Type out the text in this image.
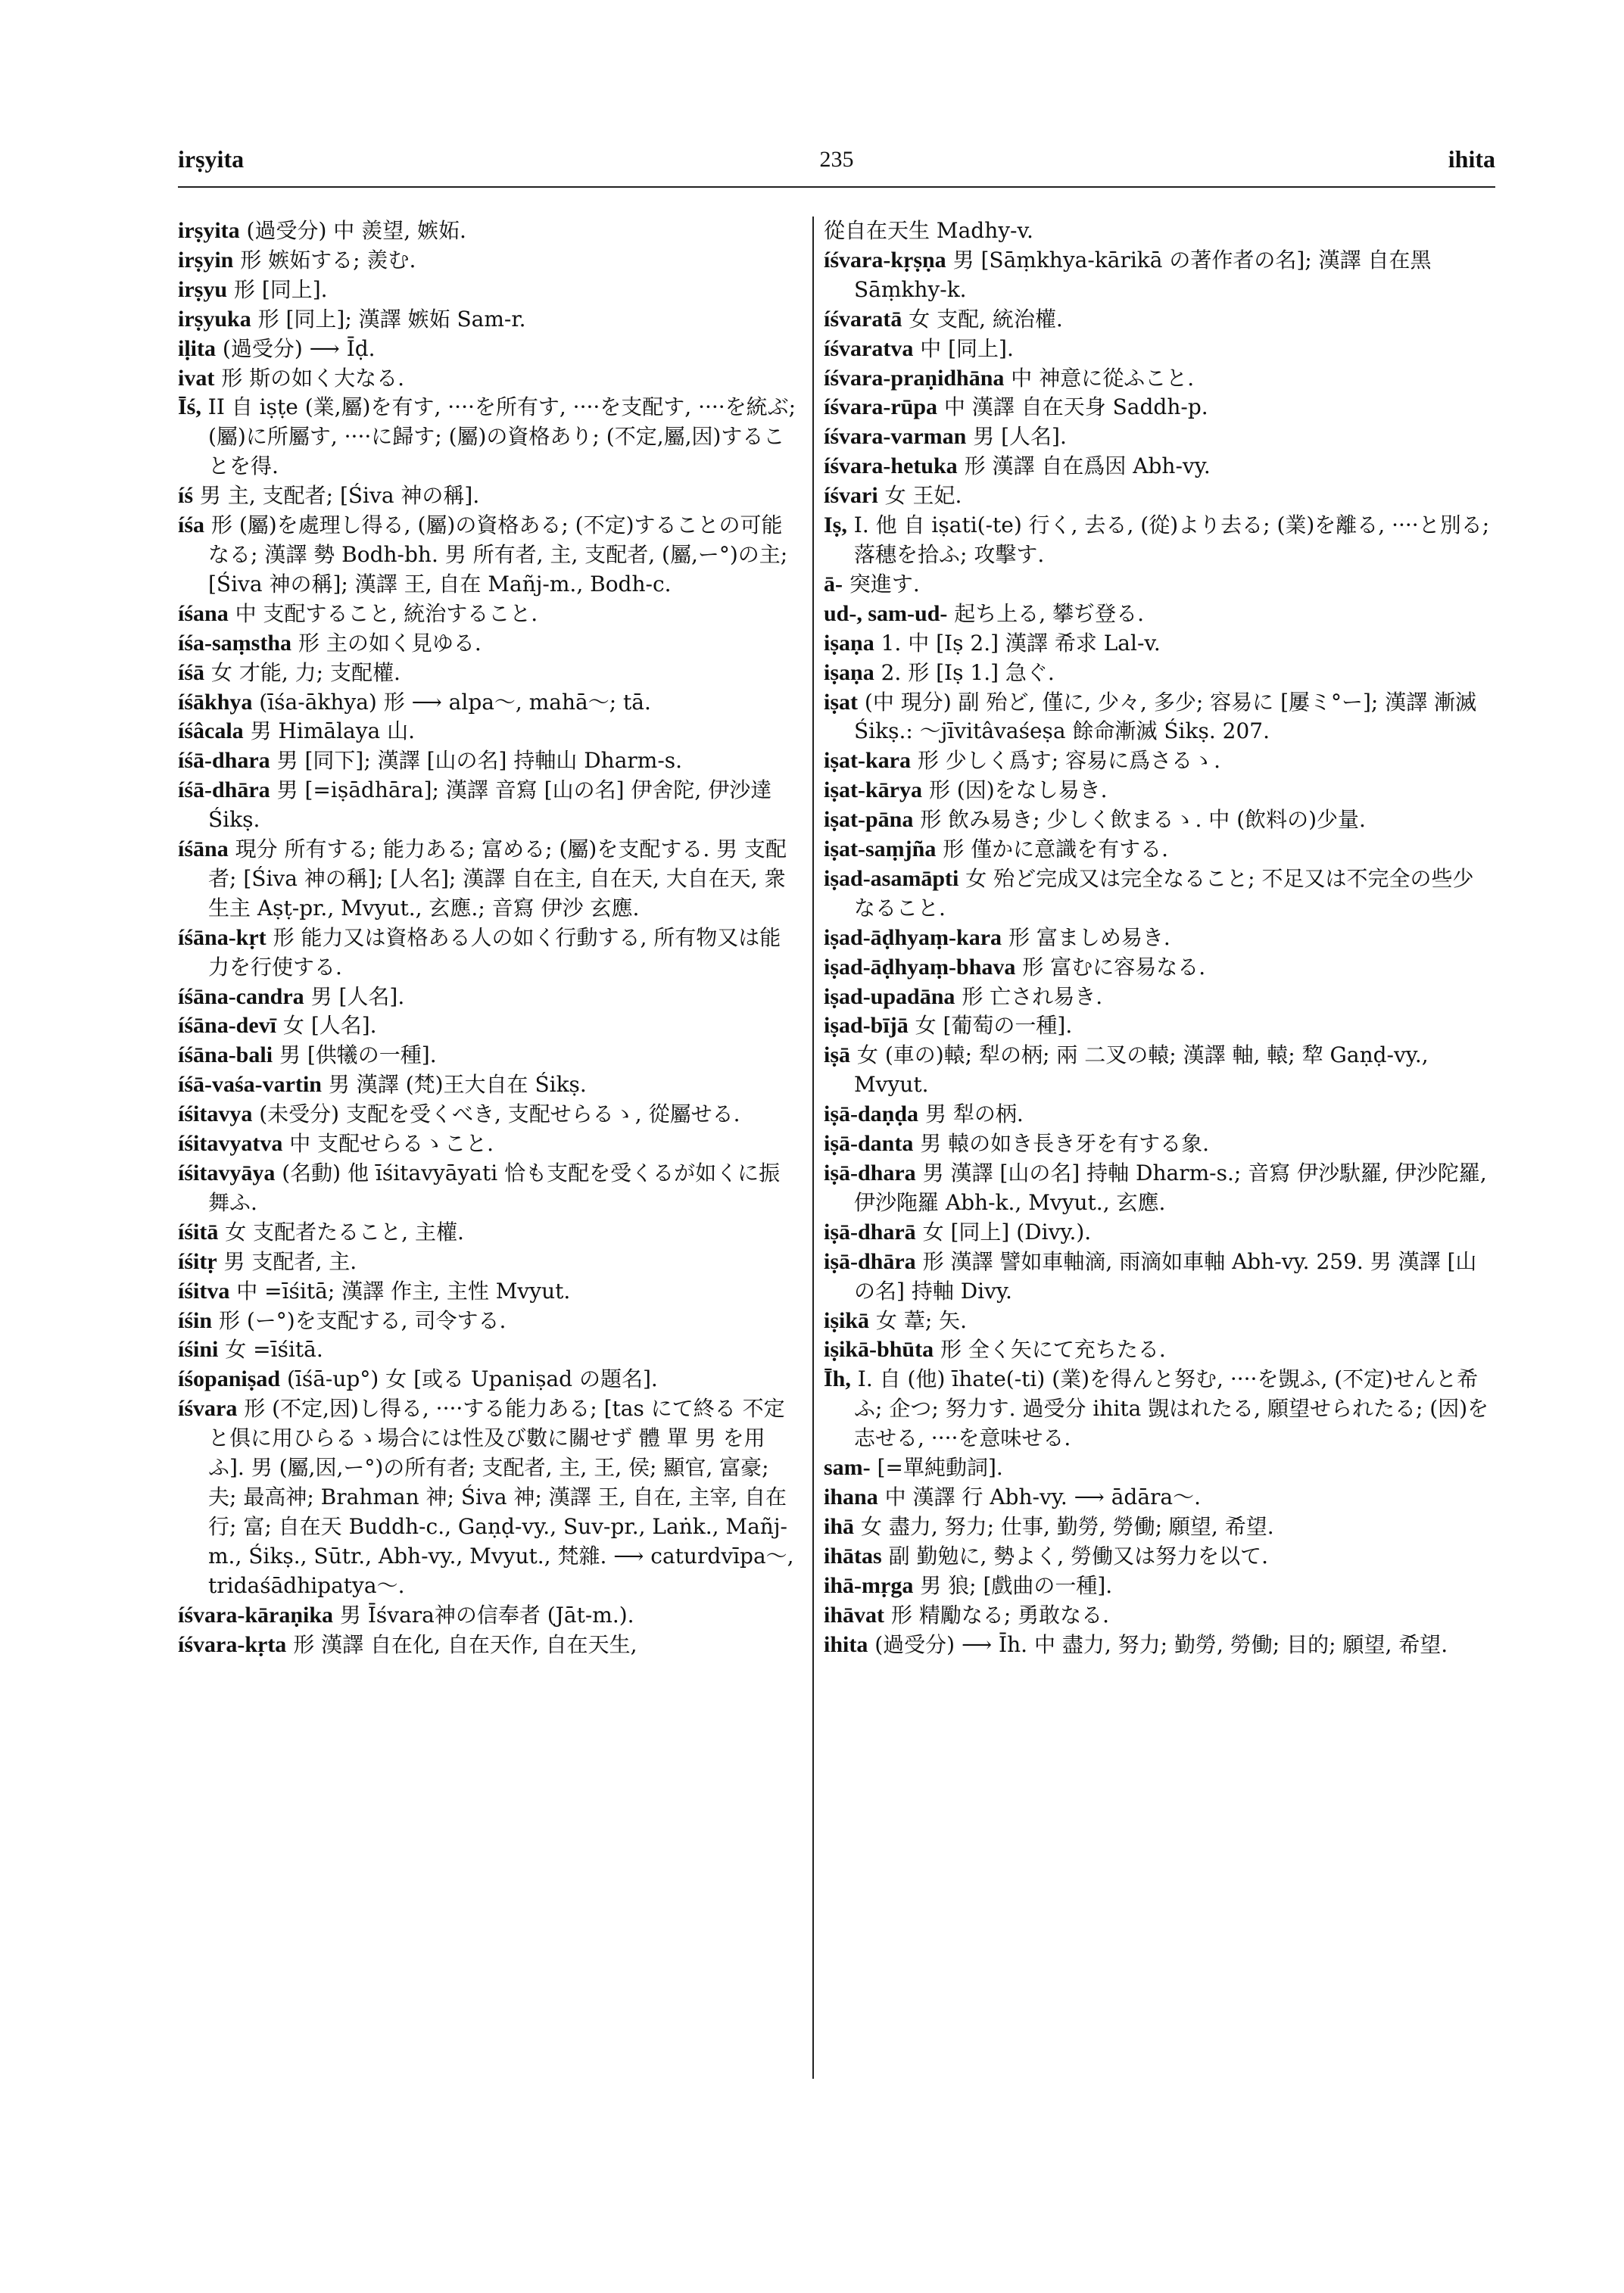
irṣyita	235	ihita

irṣyita (過受分) 中 羨望, 嫉妬.

irṣyin 形 嫉妬する; 羨む.

irṣyu 形 [同上].

irṣyuka 形 [同上]; 漢譯 嫉妬 Sam-r.

iḷita (過受分) ⟶ Īḍ.

ivat 形 斯の如く大なる.

Īś, II 自 iṣṭe (業,屬)を有す, ····を所有す, ····を支配す, ····を統ぶ; (屬)に所屬す, ····に歸す; (屬)の資格あり; (不定,屬,因)することを得.

íś 男 主, 支配者; [Śiva 神の稱].

íśa 形 (屬)を處理し得る, (屬)の資格ある; (不定)することの可能なる; 漢譯 勢 Bodh-bh. 男 所有者, 主, 支配者, (屬,ー°)の主; [Śiva 神の稱]; 漢譯 王, 自在 Mañj-m., Bodh-c.

íśana 中 支配すること, 統治すること.

íśa-saṃstha 形 主の如く見ゆる.

íśā 女 才能, 力; 支配權.

íśākhya (īśa-ākhya) 形 ⟶ alpa〜, mahā〜; tā.

íśâcala 男 Himālaya 山.

íśā-dhara 男 [同下]; 漢譯 [山の名] 持軸山 Dharm-s.

íśā-dhāra 男 [=iṣādhāra]; 漢譯 音寫 [山の名] 伊舍陀, 伊沙達 Śikṣ.

íśāna 現分 所有する; 能力ある; 富める; (屬)を支配する. 男 支配者; [Śiva 神の稱]; [人名]; 漢譯 自在主, 自在天, 大自在天, 衆生主 Aṣṭ-pr., Mvyut., 玄應.; 音寫 伊沙 玄應.

íśāna-kṛt 形 能力又は資格ある人の如く行動する, 所有物又は能力を行使する.

íśāna-candra 男 [人名].

íśāna-devī 女 [人名].

íśāna-bali 男 [供犧の一種].

íśā-vaśa-vartin 男 漢譯 (梵)王大自在 Śikṣ.

íśitavya (未受分) 支配を受くべき, 支配せらるゝ, 從屬せる.

íśitavyatva 中 支配せらるゝこと.

íśitavyāya (名動) 他 īśitavyāyati 恰も支配を受くるが如くに振舞ふ.

íśitā 女 支配者たること, 主權.

íśitṛ 男 支配者, 主.

íśitva 中 =īśitā; 漢譯 作主, 主性 Mvyut.

íśin 形 (ー°)を支配する, 司令する.

íśini 女 =īśitā.

íśopaniṣad (īśā-up°) 女 [或る Upaniṣad の題名].

íśvara 形 (不定,因)し得る, ····する能力ある; [tas にて終る 不定 と俱に用ひらるゝ場合には性及び數に關せず 體 單 男 を用ふ]. 男 (屬,因,ー°)の所有者; 支配者, 主, 王, 侯; 顯官, 富豪; 夫; 最高神; Brahman 神; Śiva 神; 漢譯 王, 自在, 主宰, 自在行; 富; 自在天 Buddh-c., Gaṇḍ-vy., Suv-pr., Laṅk., Mañj-m., Śikṣ., Sūtr., Abh-vy., Mvyut., 梵雜. ⟶ caturdvīpa〜, tridaśādhipatya〜.

íśvara-kāraṇika 男 Īśvara神の信奉者 (Jāt-m.).

íśvara-kṛta 形 漢譯 自在化, 自在天作, 自在天生,

從自在天生 Madhy-v.

íśvara-kṛṣṇa 男 [Sāṃkhya-kārikā の著作者の名]; 漢譯 自在黑 Sāṃkhy-k.

íśvaratā 女 支配, 統治權.

íśvaratva 中 [同上].

íśvara-praṇidhāna 中 神意に從ふこと.

íśvara-rūpa 中 漢譯 自在天身 Saddh-p.

íśvara-varman 男 [人名].

íśvara-hetuka 形 漢譯 自在爲因 Abh-vy.

íśvari 女 王妃.

Iṣ, I. 他 自 iṣati(-te) 行く, 去る, (從)より去る; (業)を離る, ····と別る; 落穗を拾ふ; 攻擊す.

ā- 突進す.

ud-, sam-ud- 起ち上る, 攀ぢ登る.

iṣaṇa 1. 中 [Iṣ 2.] 漢譯 希求 Lal-v.

iṣaṇa 2. 形 [Iṣ 1.] 急ぐ.

iṣat (中 現分) 副 殆ど, 僅に, 少々, 多少; 容易に [屢ミ°ー]; 漢譯 漸滅 Śikṣ.: 〜jīvitâvaśeṣa 餘命漸滅 Śikṣ. 207.

iṣat-kara 形 少しく爲す; 容易に爲さるゝ.

iṣat-kārya 形 (因)をなし易き.

iṣat-pāna 形 飲み易き; 少しく飲まるゝ. 中 (飲料の)少量.

iṣat-saṃjña 形 僅かに意識を有する.

iṣad-asamāpti 女 殆ど完成又は完全なること; 不足又は不完全の些少なること.

iṣad-āḍhyaṃ-kara 形 富ましめ易き.

iṣad-āḍhyaṃ-bhava 形 富むに容易なる.

iṣad-upadāna 形 亡され易き.

iṣad-bījā 女 [葡萄の一種].

iṣā 女 (車の)轅; 犁の柄; 兩 二叉の轅; 漢譯 軸, 轅; 犂 Gaṇḍ-vy., Mvyut.

iṣā-daṇḍa 男 犁の柄.

iṣā-danta 男 轅の如き長き牙を有する象.

iṣā-dhara 男 漢譯 [山の名] 持軸 Dharm-s.; 音寫 伊沙馱羅, 伊沙陀羅, 伊沙陁羅 Abh-k., Mvyut., 玄應.

iṣā-dharā 女 [同上] (Divy.).

iṣā-dhāra 形 漢譯 譬如車軸滴, 雨滴如車軸 Abh-vy. 259. 男 漢譯 [山の名] 持軸 Divy.

iṣikā 女 葦; 矢.

iṣikā-bhūta 形 全く矢にて充ちたる.

Īh, I. 自 (他) īhate(-ti) (業)を得んと努む, ····を覬ふ, (不定)せんと希ふ; 企つ; 努力す. 過受分 ihita 覬はれたる, 願望せられたる; (因)を志せる, ····を意味せる.

sam- [=單純動詞].

ihana 中 漢譯 行 Abh-vy. ⟶ ādāra〜.

ihā 女 盡力, 努力; 仕事, 勤勞, 勞働; 願望, 希望.

ihātas 副 勤勉に, 勢よく, 勞働又は努力を以て.

ihā-mṛga 男 狼; [戲曲の一種].

ihāvat 形 精勵なる; 勇敢なる.

ihita (過受分) ⟶ Īh. 中 盡力, 努力; 勤勞, 勞働; 目的; 願望, 希望.
